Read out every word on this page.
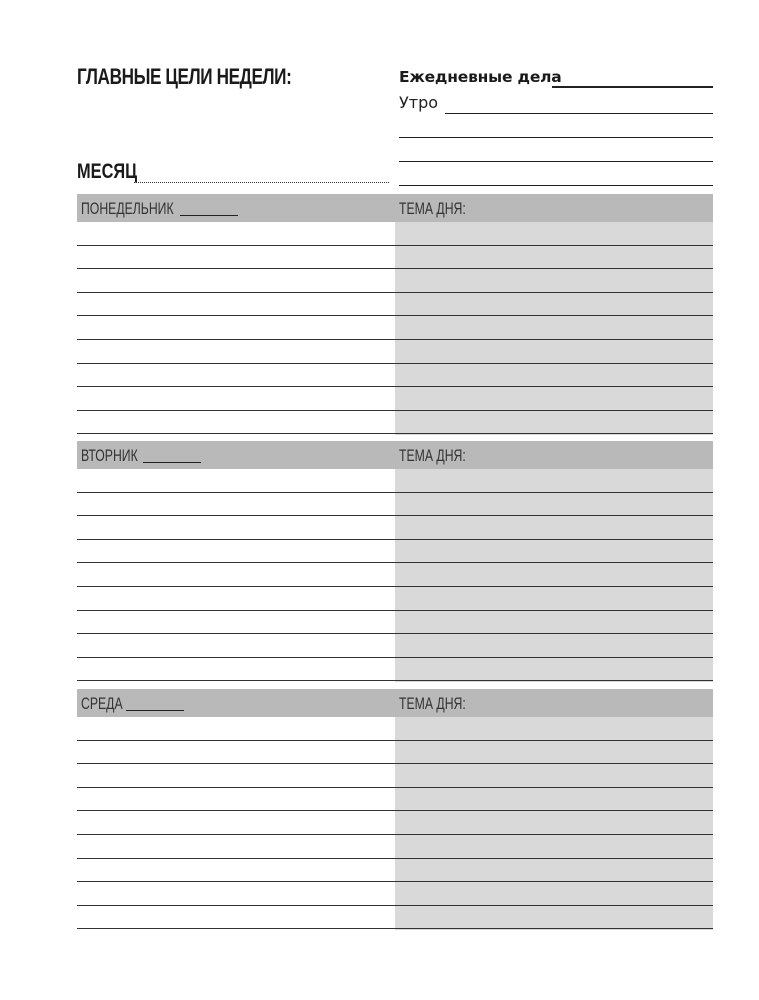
ГЛАВНЫЕ ЦЕЛИ НЕДЕЛИ:
МЕСЯЦ
Ежедневные дела
Утро
ПОНЕДЕЛЬНИК	ТЕМА ДНЯ:
ВТОРНИК	ТЕМА ДНЯ:
СРЕДА	ТЕМА ДНЯ:
